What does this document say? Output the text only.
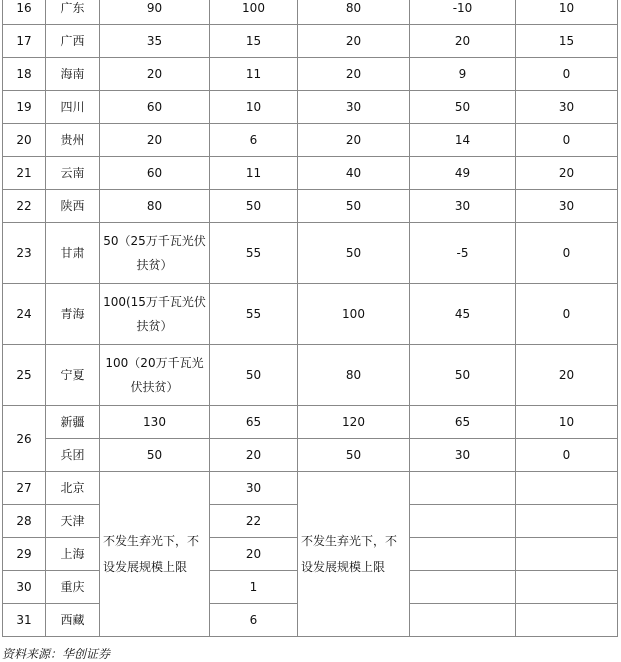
16	广东	90	100	80	-10	10
17	广西	35	15	20	20	15
18	海南	20	11	20	9	0
19	四川	60	10	30	50	30
20	贵州	20	6	20	14	0
21	云南	60	11	40	49	20
22	陕西	80	50	50	30	30
23	甘肃	50（25万千瓦光伏扶贫）	55	50	-5	0
24	青海	100(15万千瓦光伏扶贫）	55	100	45	0
25	宁夏	100（20万千瓦光伏扶贫）	50	80	50	20
26	新疆	130	65	120	65	10
	兵团	50	20	50	30	0
27	北京	不发生弃光下，不设发展规模上限	30	不发生弃光下，不设发展规模上限		
28	天津		22			
29	上海		20			
30	重庆		1			
31	西藏		6			
资料来源：华创证券
